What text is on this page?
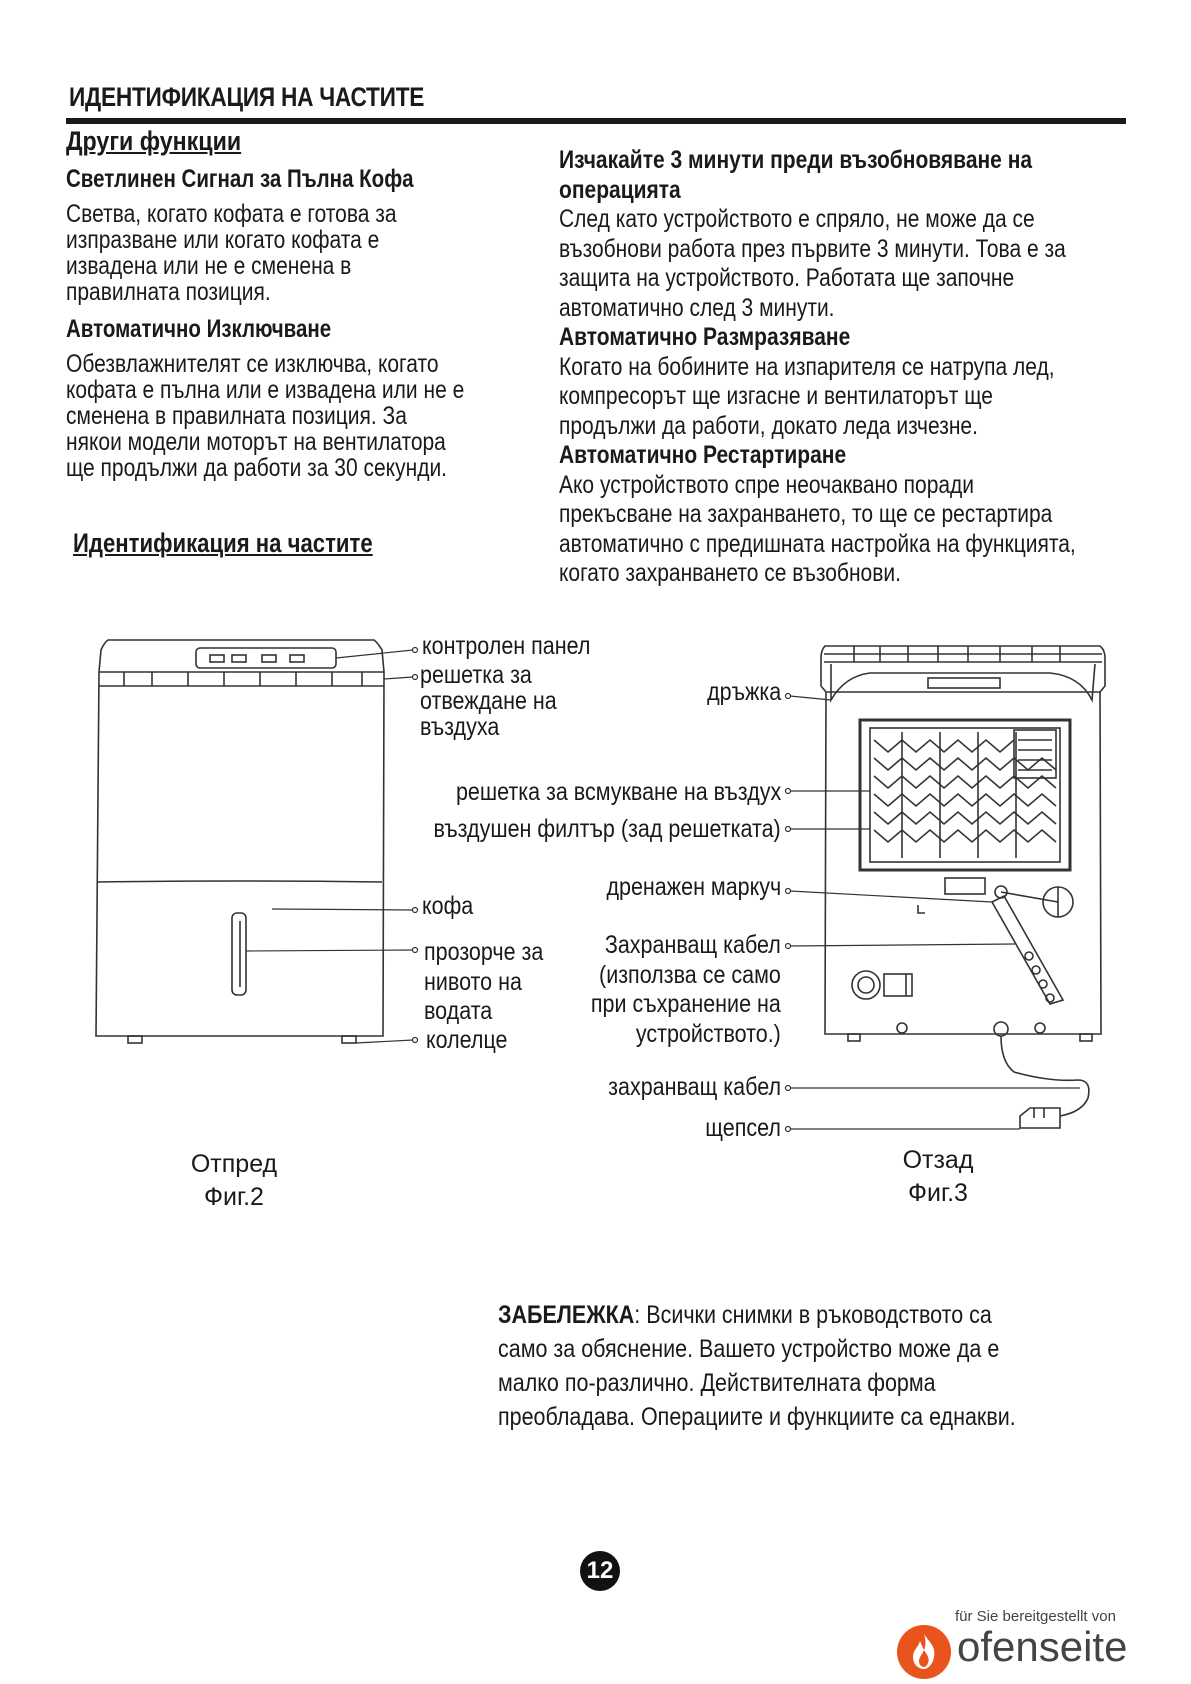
ИДЕНТИФИКАЦИЯ НА ЧАСТИТЕ
Други функции
Светлинен Сигнал за Пълна Кофа
Светва, когато кофата е готова за
изпразване или когато кофата е
извадена или не е сменена в
правилната позиция.
Автоматично Изключване
Обезвлажнителят се изключва, когато
кофата е пълна или е извадена или не е
сменена в правилната позиция. За
някои модели моторът на вентилатора
ще продължи да работи за 30 секунди.
Идентификация на частите
Изчакайте 3 минути преди възобновяване на
операцията
След като устройството е спряло, не може да се
възобнови работа през първите 3 минути. Това е за
защита на устройството. Работата ще започне
автоматично след 3 минути.
Автоматично Размразяване
Когато на бобините на изпарителя се натрупа лед,
компресорът ще изгасне и вентилаторът ще
продължи да работи, докато леда изчезне.
Автоматично Рестартиране
Ако устройството спре неочаквано поради
прекъсване на захранването, то ще се рестартира
автоматично с предишната настройка на функцията,
когато захранването се възобнови.
контролен панел
решетка за
отвеждане на
въздуха
кофа
прозорче за
нивото на
водата
колелце
Отпред
Фиг.2
дръжка
решетка за всмукване на въздух
въздушен филтър (зад решетката)
дренажен маркуч
Захранващ кабел
(използва се само
при съхранение на
устройството.)
захранващ кабел
щепсел
Отзад
Фиг.3
ЗАБЕЛЕЖКА: Всички снимки в ръководството са
само за обяснение. Вашето устройство може да е
малко по-различно. Действителната форма
преобладава. Операциите и функциите са еднакви.
12
für Sie bereitgestellt von
ofenseite
